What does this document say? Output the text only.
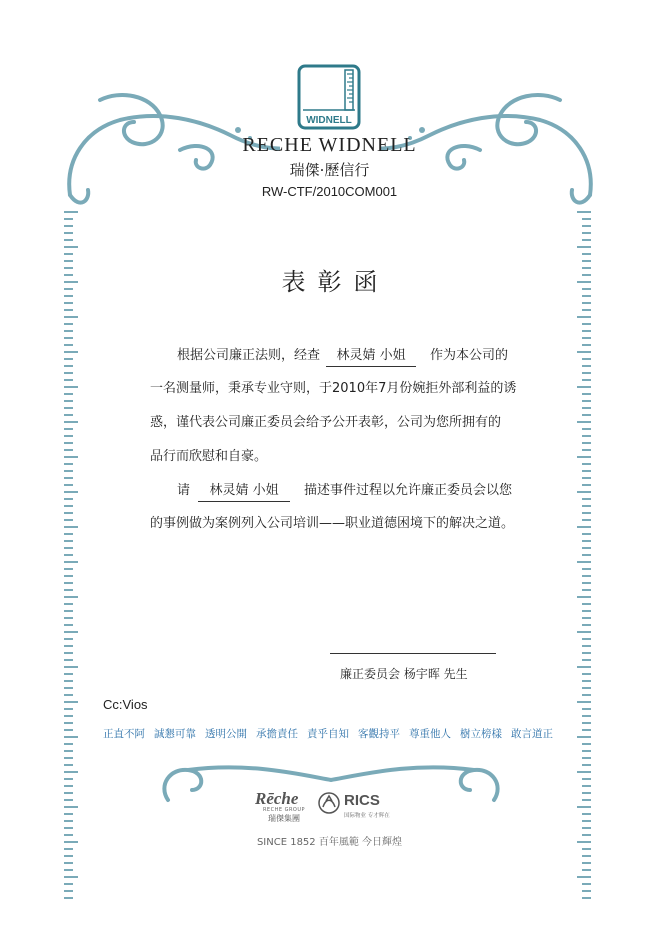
WIDNELL
RECHE WIDNELL
瑞傑·歷信行
RW-CTF/2010COM001
表彰函
根据公司廉正法则，经查 林灵婧 小姐 作为本公司的
一名测量师，秉承专业守则，于2010年7月份婉拒外部利益的诱
惑，谨代表公司廉正委员会给予公开表彰，公司为您所拥有的
品行而欣慰和自豪。
请 林灵婧 小姐 描述事件过程以允许廉正委员会以您
的事例做为案例列入公司培训——职业道德困境下的解决之道。
廉正委员会 杨宇晖 先生
Cc:Vios
正直不阿 誠懇可靠 透明公開 承擔責任 責乎自知 客觀持平 尊重他人 樹立榜樣 敢言道正
Rēche
RECHE GROUP
瑞傑集團
RICS
国际物业 专才辉在
SINCE 1852 百年風範 今日輝煌
